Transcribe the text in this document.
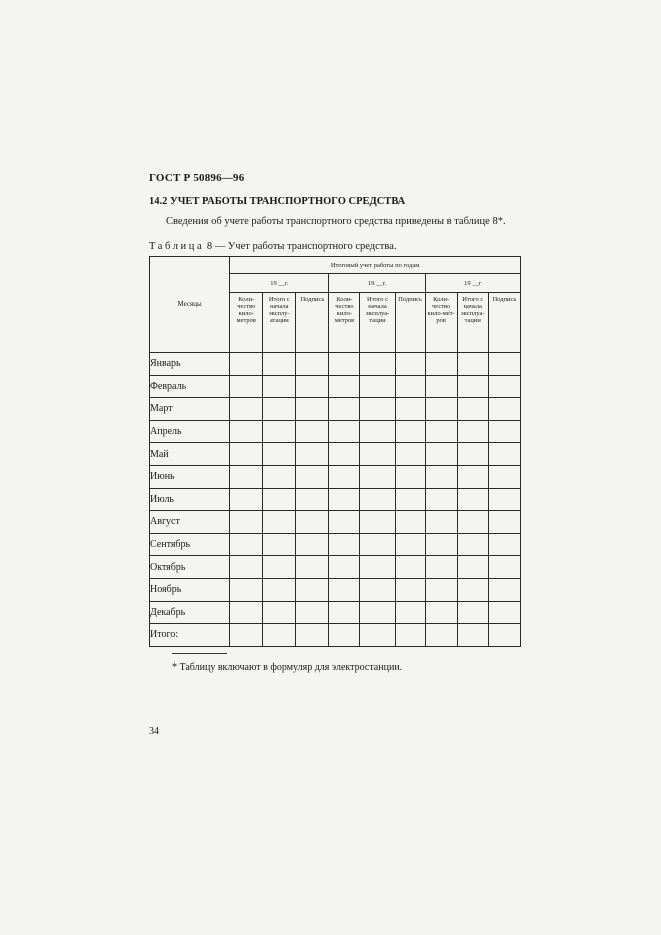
ГОСТ Р 50896—96
14.2 УЧЕТ РАБОТЫ ТРАНСПОРТНОГО СРЕДСТВА
Сведения об учете работы транспортного средства приведены в таблице 8*.
Таблица 8 — Учет работы транспортного средства.
Месяцы	Итоговый учет работы по годам								
	19 __г.			19 __г.			19 __г		
	Коли-чество кило-метров	Итого с начала эксплу-атации	Подпись	Коли-чество кило-метров	Итого с начала эксплуа-тации	Подпись	Коли-чество кило-мет-ров	Итого с начала эксплуа-тации	Подпись
Январь									
Февраль									
Март									
Апрель									
Май									
Июнь									
Июль									
Август									
Сентябрь									
Октябрь									
Ноябрь									
Декабрь									
Итого:									
* Таблицу включают в формуляр для электростанции.
34
